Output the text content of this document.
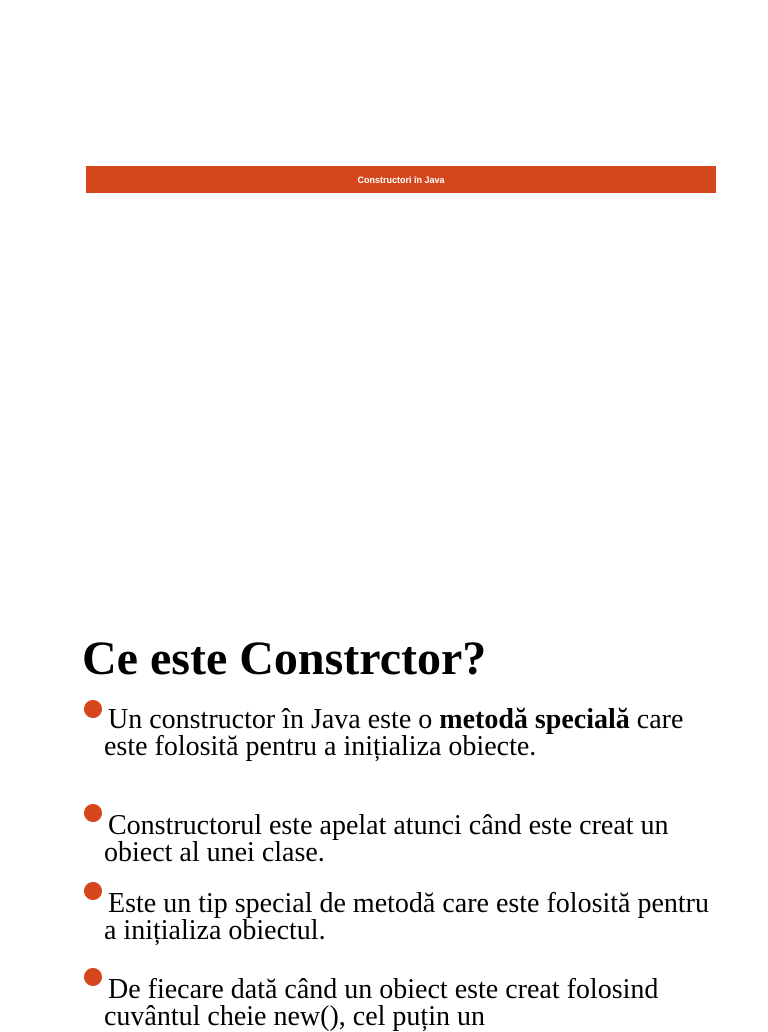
Constructori în Java
Ce este Constrctor?

Un constructor în Java este o metodă specială care este folosită pentru a inițializa obiecte.

Constructorul este apelat atunci când este creat un obiect al unei clase.

Este un tip special de metodă care este folosită pentru a inițializa obiectul.

De fiecare dată când un obiect este creat folosind cuvântul cheie new(), cel puțin un
